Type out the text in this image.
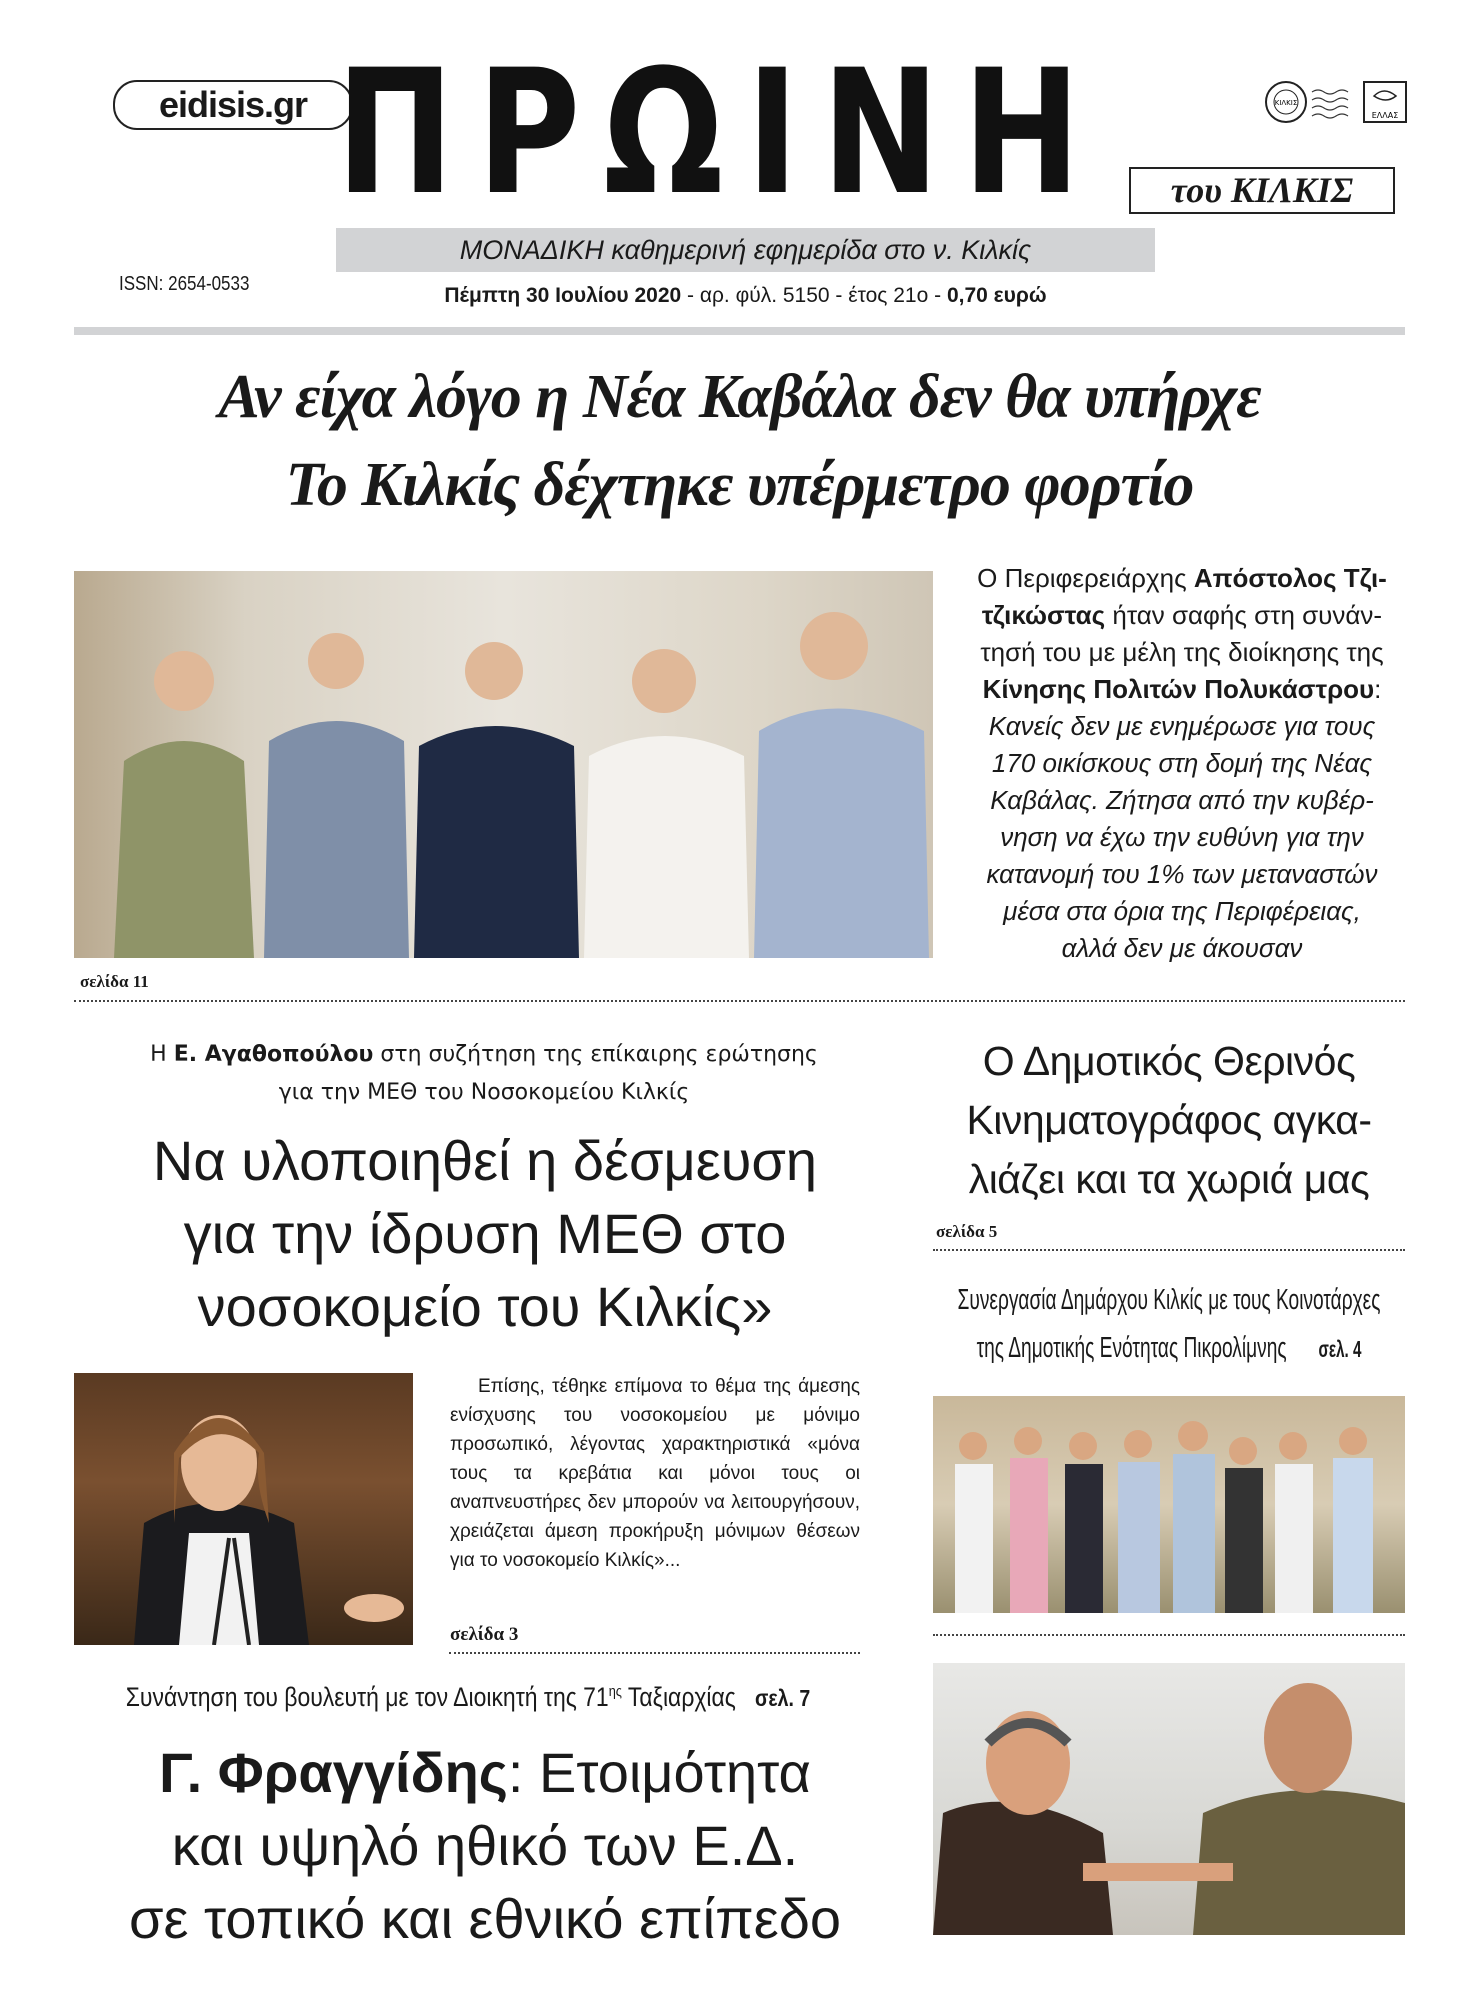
eidisis.gr ΠΡΩΙΝΗ	του ΚΙΛΚΙΣ
ΚΙΛΚΙΣ
ΕΛΛΑΣ
ΜΟΝΑΔΙΚΗ καθημερινή εφημερίδα στο ν. Κιλκίς
ISSN: 2654-0533	Πέμπτη 30 Ιουλίου 2020 - αρ. φύλ. 5150 - έτος 21ο - 0,70 ευρώ
Αν είχα λόγο η Νέα Καβάλα δεν θα υπήρχε
Το Κιλκίς δέχτηκε υπέρμετρο φορτίο
Ο Περιφερειάρχης Απόστολος Τζι-
τζικώστας ήταν σαφής στη συνάν-
τησή του με μέλη της διοίκησης της
Κίνησης Πολιτών Πολυκάστρου:
Κανείς δεν με ενημέρωσε για τους
170 οικίσκους στη δομή της Νέας
Καβάλας. Ζήτησα από την κυβέρ-
νηση να έχω την ευθύνη για την
κατανομή του 1% των μεταναστών
μέσα στα όρια της Περιφέρειας,
αλλά δεν με άκουσαν
σελίδα 11
Η Ε. Αγαθοπούλου στη συζήτηση της επίκαιρης ερώτησης
για την ΜΕΘ του Νοσοκομείου Κιλκίς
Να υλοποιηθεί η δέσμευση
για την ίδρυση ΜΕΘ στο
νοσοκομείο του Κιλκίς»
Επίσης, τέθηκε επίμονα το θέμα της άμεσης ενίσχυσης του νοσοκομείου με μόνιμο προσωπικό, λέγοντας χαρακτηριστικά «μόνα τους τα κρεβάτια και μόνοι τους οι αναπνευστήρες δεν μπορούν να λειτουργήσουν, χρειάζεται άμεση προκήρυξη μόνιμων θέσεων για το νοσοκομείο Κιλκίς»...
σελίδα 3
Συνάντηση του βουλευτή με τον Διοικητή της $71^{\eta\varsigma}$ Ταξιαρχίας σελ. 7
Γ. Φραγγίδης: Ετοιμότητα
και υψηλό ηθικό των Ε.Δ.
σε τοπικό και εθνικό επίπεδο
Ο Δημοτικός Θερινός
Κινηματογράφος αγκα-
λιάζει και τα χωριά μας
σελίδα 5
Συνεργασία Δημάρχου Κιλκίς με τους Κοινοτάρχες
της Δημοτικής Ενότητας Πικρολίμνης σελ. 4
